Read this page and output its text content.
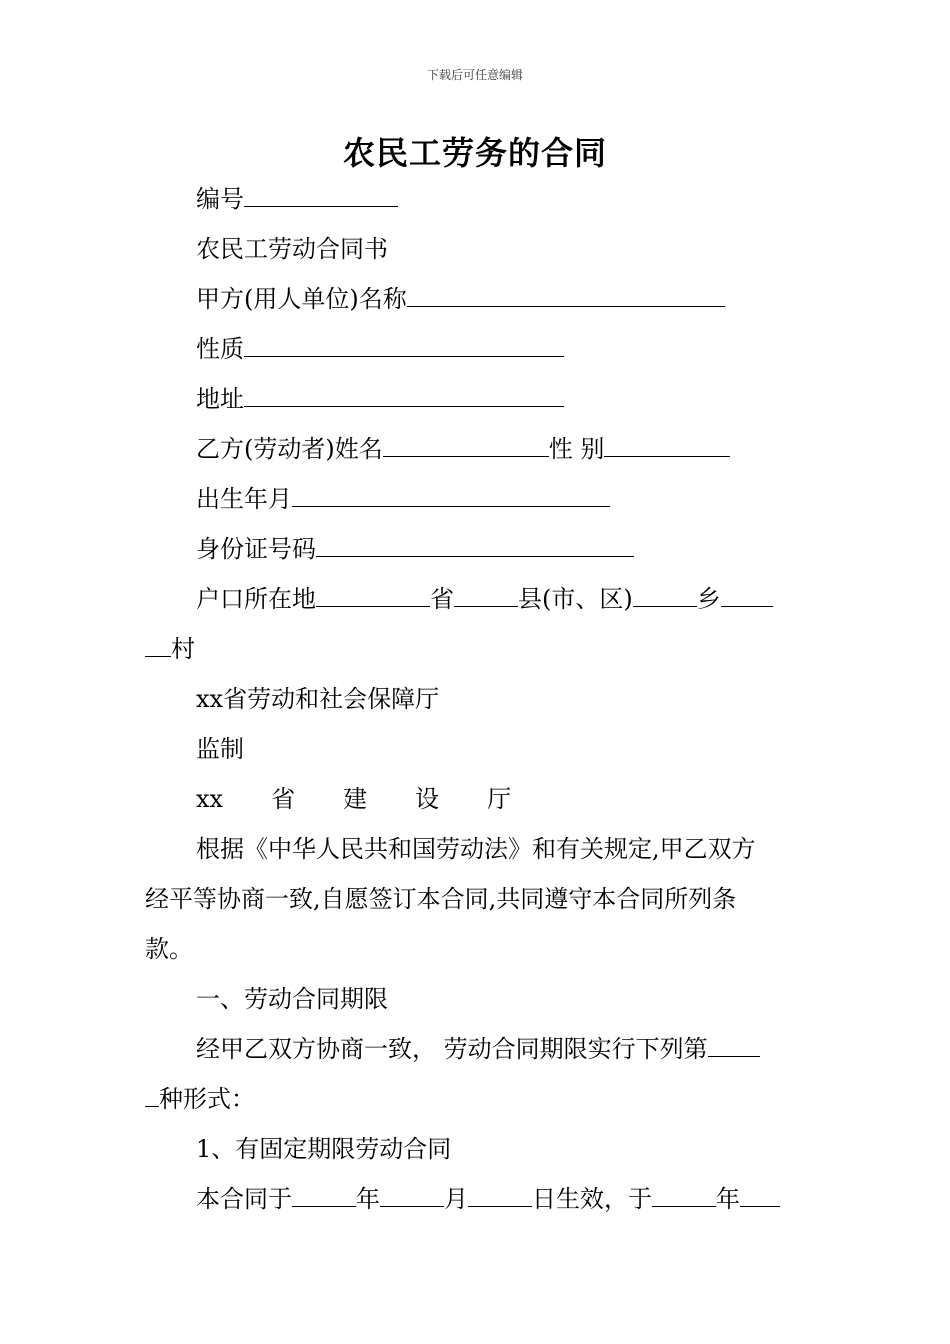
下载后可任意编辑
农民工劳务的合同
编号
农民工劳动合同书
甲方(用人单位)名称
性质
地址
乙方(劳动者)姓名	性 别
出生年月
身份证号码
户口所在地	省	县(市、区)	乡
村
xx省劳动和社会保障厅
监制
xx　　省　　建　　设　　厅
根据《中华人民共和国劳动法》和有关规定,甲乙双方
经平等协商一致,自愿签订本合同,共同遵守本合同所列条
款。
一、劳动合同期限
经甲乙双方协商一致， 劳动合同期限实行下列第
种形式：
1、有固定期限劳动合同
本合同于	年	月	日生效，于	年
